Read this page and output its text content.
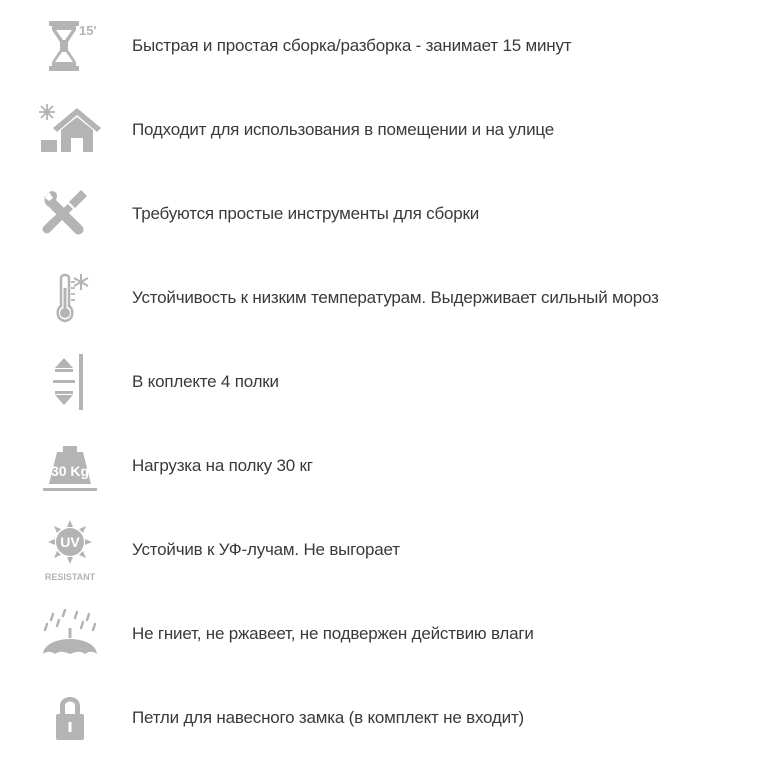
15'
Быстрая и простая сборка/разборка - занимает 15 минут
Подходит для использования в помещении и на улице
Требуются простые инструменты для сборки
Устойчивость к низким температурам. Выдерживает сильный мороз
В коплекте 4 полки
30 Kg	Нагрузка на полку 30 кг
UV
RESISTANT
Устойчив к УФ-лучам. Не выгорает
Не гниет, не ржавеет, не подвержен действию влаги
Петли для навесного замка (в комплект не входит)
